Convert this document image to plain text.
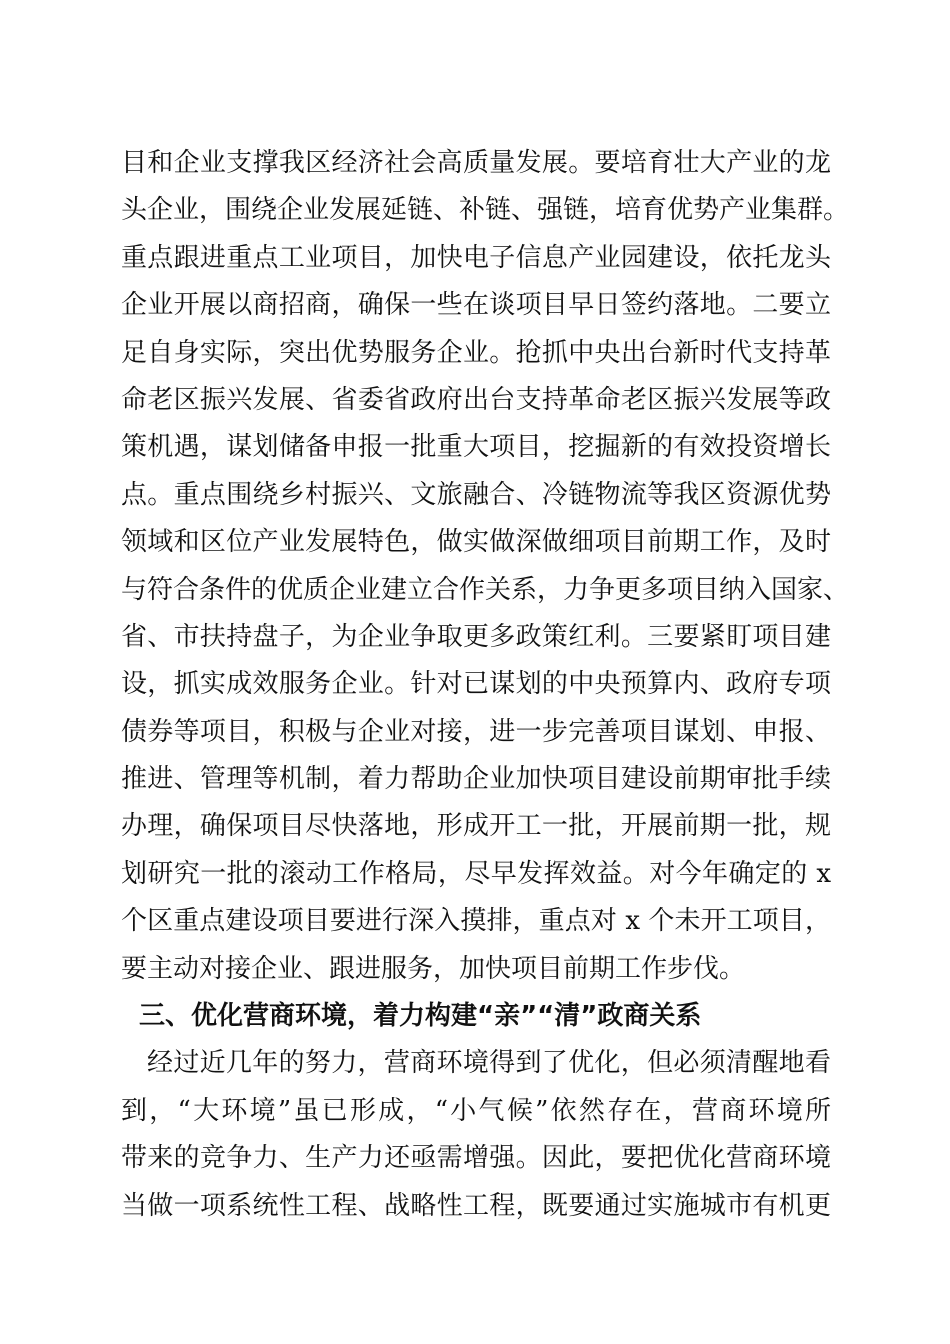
目和企业支撑我区经济社会高质量发展。要培育壮大产业的龙
头企业，围绕企业发展延链、补链、强链，培育优势产业集群。
重点跟进重点工业项目，加快电子信息产业园建设，依托龙头
企业开展以商招商，确保一些在谈项目早日签约落地。二要立
足自身实际，突出优势服务企业。抢抓中央出台新时代支持革
命老区振兴发展、省委省政府出台支持革命老区振兴发展等政
策机遇，谋划储备申报一批重大项目，挖掘新的有效投资增长
点。重点围绕乡村振兴、文旅融合、冷链物流等我区资源优势
领域和区位产业发展特色，做实做深做细项目前期工作，及时
与符合条件的优质企业建立合作关系，力争更多项目纳入国家、
省、市扶持盘子，为企业争取更多政策红利。三要紧盯项目建
设，抓实成效服务企业。针对已谋划的中央预算内、政府专项
债券等项目，积极与企业对接，进一步完善项目谋划、申报、
推进、管理等机制，着力帮助企业加快项目建设前期审批手续
办理，确保项目尽快落地，形成开工一批，开展前期一批，规
划研究一批的滚动工作格局，尽早发挥效益。对今年确定的 x
个区重点建设项目要进行深入摸排，重点对 x 个未开工项目，
要主动对接企业、跟进服务，加快项目前期工作步伐。
三、优化营商环境，着力构建“亲”“清”政商关系
经过近几年的努力，营商环境得到了优化，但必须清醒地看
到，“大环境”虽已形成，“小气候”依然存在，营商环境所
带来的竞争力、生产力还亟需增强。因此，要把优化营商环境
当做一项系统性工程、战略性工程，既要通过实施城市有机更
